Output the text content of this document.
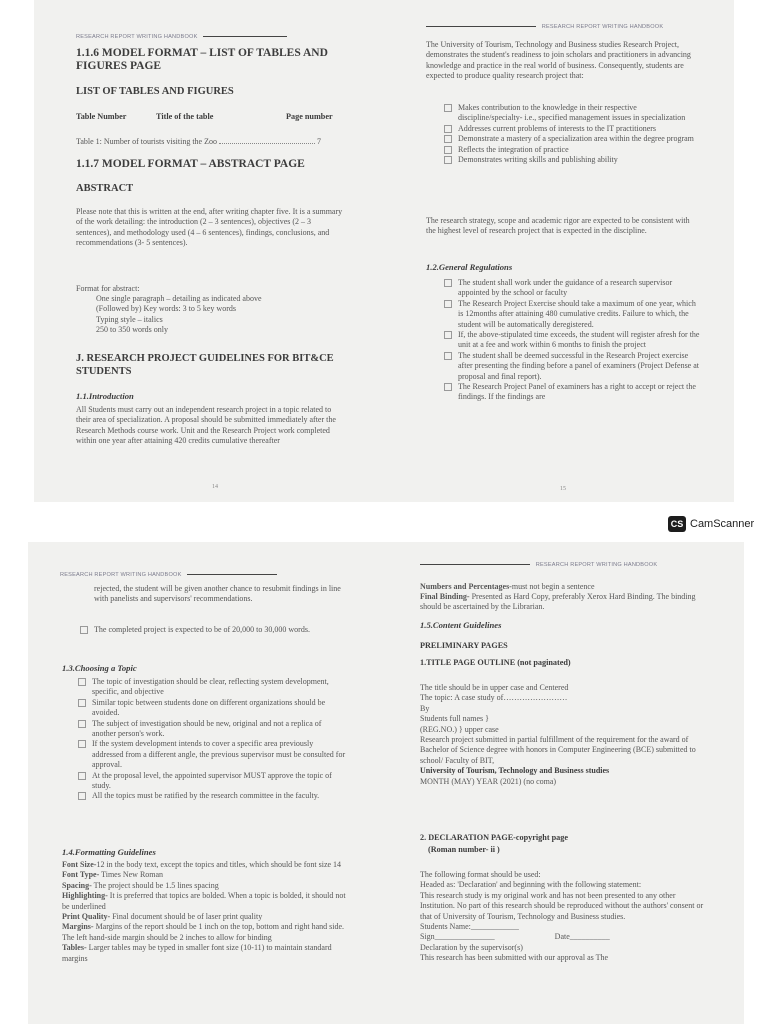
RESEARCH REPORT WRITING HANDBOOK
1.1.6 MODEL FORMAT – LIST OF TABLES AND FIGURES PAGE
LIST OF TABLES AND FIGURES
Table Number	Title of the table	Page number
Table 1: Number of tourists visiting the Zoo	7
1.1.7 MODEL FORMAT – ABSTRACT PAGE
ABSTRACT
Please note that this is written at the end, after writing chapter five. It is a summary of the work detailing: the introduction (2 – 3 sentences), objectives (2 – 3 sentences), and methodology used (4 – 6 sentences), findings, conclusions, and recommendations (3- 5 sentences).
Format for abstract:
One single paragraph – detailing as indicated above
(Followed by) Key words: 3 to 5 key words
Typing style – italics
250 to 350 words only
J. RESEARCH PROJECT GUIDELINES FOR BIT&CE STUDENTS
1.1.Introduction
All Students must carry out an independent research project in a topic related to their area of specialization. A proposal should be submitted immediately after the Research Methods course work. Unit and the Research Project work completed within one year after attaining 420 credits cumulative thereafter
14
RESEARCH REPORT WRITING HANDBOOK
The University of Tourism, Technology and Business studies Research Project, demonstrates the student's readiness to join scholars and practitioners in advancing knowledge and practice in the real world of business. Consequently, students are expected to produce quality research project that:
Makes contribution to the knowledge in their respective discipline/specialty- i.e., specified management issues in specialization
Addresses current problems of interests to the IT practitioners
Demonstrate a mastery of a specialization area within the degree program
Reflects the integration of practice
Demonstrates writing skills and publishing ability
The research strategy, scope and academic rigor are expected to be consistent with the highest level of research project that is expected in the discipline.
1.2.General Regulations
The student shall work under the guidance of a research supervisor appointed by the school or faculty
The Research Project Exercise should take a maximum of one year, which is 12months after attaining 480 cumulative credits. Failure to which, the student will be automatically deregistered.
If, the above-stipulated time exceeds, the student will register afresh for the unit at a fee and work within 6 months to finish the project
The student shall be deemed successful in the Research Project exercise after presenting the finding before a panel of examiners (Project Defense at proposal and final report).
The Research Project Panel of examiners has a right to accept or reject the findings. If the findings are
15
CS CamScanner
RESEARCH REPORT WRITING HANDBOOK
rejected, the student will be given another chance to resubmit findings in line with panelists and supervisors' recommendations.
The completed project is expected to be of 20,000 to 30,000 words.
1.3.Choosing a Topic
The topic of investigation should be clear, reflecting system development, specific, and objective
Similar topic between students done on different organizations should be avoided.
The subject of investigation should be new, original and not a replica of another person's work.
If the system development intends to cover a specific area previously addressed from a different angle, the previous supervisor must be consulted for approval.
At the proposal level, the appointed supervisor MUST approve the topic of study.
All the topics must be ratified by the research committee in the faculty.
1.4.Formatting Guidelines
Font Size-12 in the body text, except the topics and titles, which should be font size 14
Font Type- Times New Roman
Spacing- The project should be 1.5 lines spacing
Highlighting- It is preferred that topics are bolded. When a topic is bolded, it should not be underlined
Print Quality- Final document should be of laser print quality
Margins- Margins of the report should be 1 inch on the top, bottom and right hand side. The left hand-side margin should be 2 inches to allow for binding
Tables- Larger tables may be typed in smaller font size (10-11) to maintain standard margins
RESEARCH REPORT WRITING HANDBOOK
Numbers and Percentages-must not begin a sentence
Final Binding- Presented as Hard Copy, preferably Xerox Hard Binding. The binding should be ascertained by the Librarian.
1.5.Content Guidelines
PRELIMINARY PAGES
1.TITLE PAGE OUTLINE (not paginated)
The title should be in upper case and Centered
The topic: A case study of……………………
By
Students full names }
(REG.NO.) } upper case
Research project submitted in partial fulfillment of the requirement for the award of Bachelor of Science degree with honors in Computer Engineering (BCE) submitted to school/ Faculty of BIT,
University of Tourism, Technology and Business studies
MONTH (MAY) YEAR (2021) (no coma)
2. DECLARATION PAGE-copyright page
(Roman number- ii )
The following format should be used:
Headed as: 'Declaration' and beginning with the following statement:
This research study is my original work and has not been presented to any other Institution. No part of this research should be reproduced without the authors' consent or that of University of Tourism, Technology and Business studies.
Students Name:____________
Sign_______________	Date__________
Declaration by the supervisor(s)
This research has been submitted with our approval as The
